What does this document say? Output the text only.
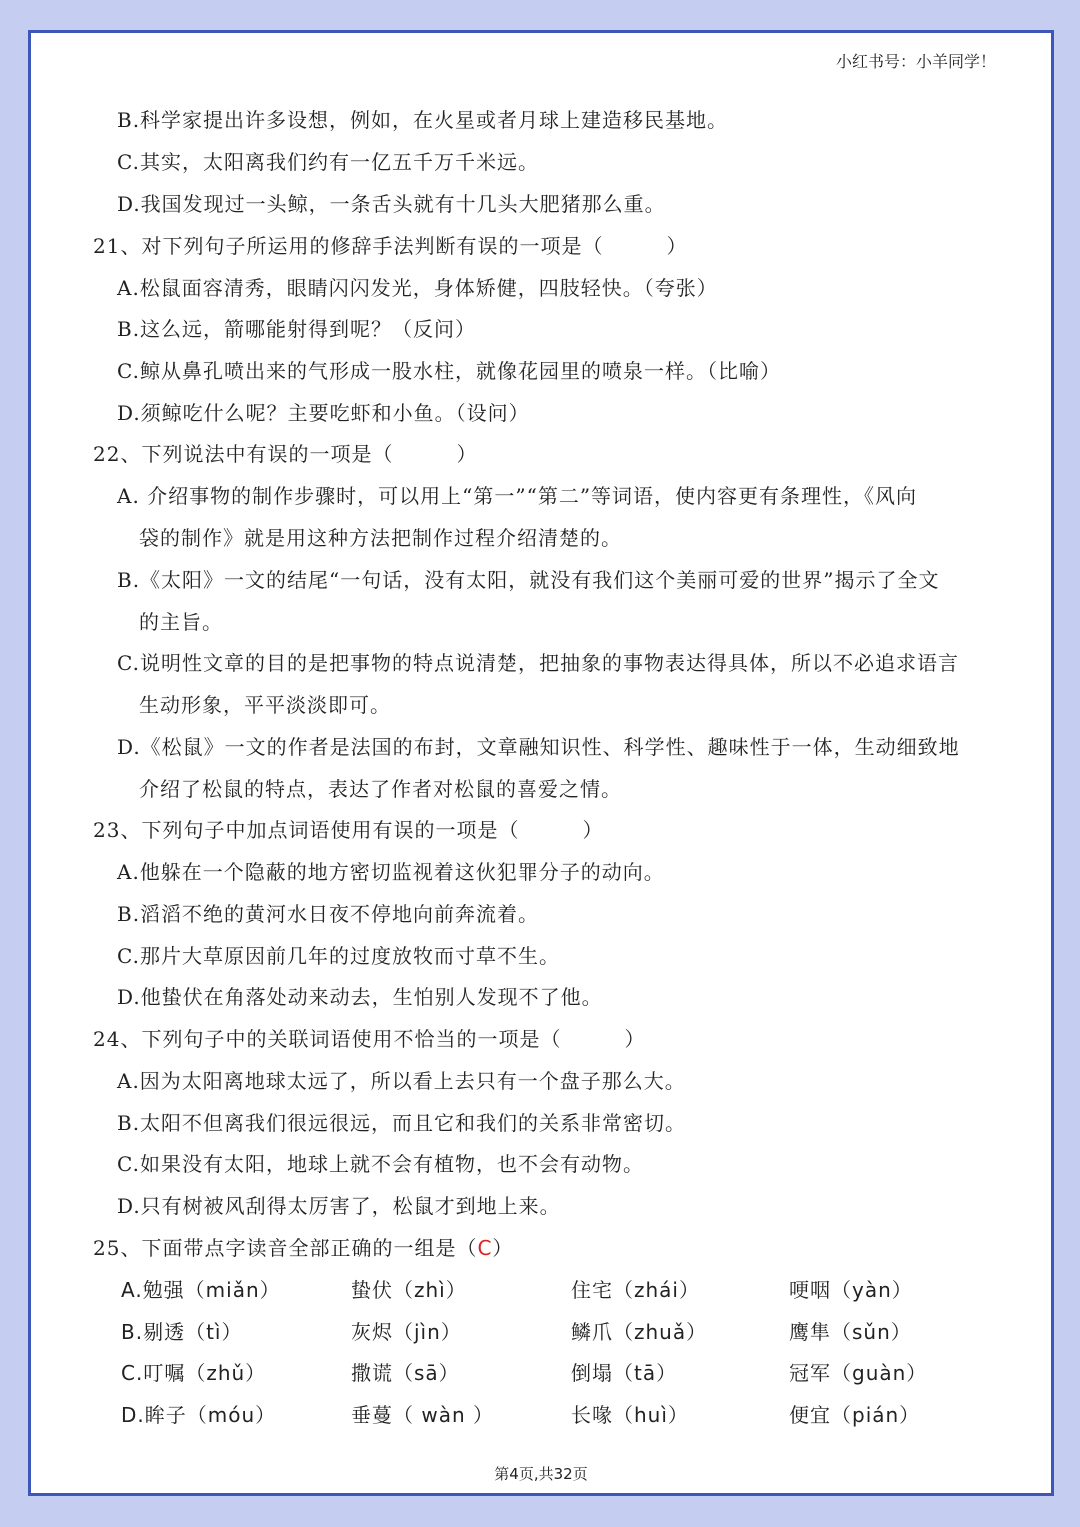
小红书号：小羊同学！
B.科学家提出许多设想，例如，在火星或者月球上建造移民基地。
C.其实，太阳离我们约有一亿五千万千米远。
D.我国发现过一头鲸，一条舌头就有十几头大肥猪那么重。
21、对下列句子所运用的修辞手法判断有误的一项是（　　　）
A.松鼠面容清秀，眼睛闪闪发光，身体矫健，四肢轻快。（夸张）
B.这么远，箭哪能射得到呢？（反问）
C.鲸从鼻孔喷出来的气形成一股水柱，就像花园里的喷泉一样。（比喻）
D.须鲸吃什么呢？主要吃虾和小鱼。（设问）
22、下列说法中有误的一项是（　　　）
A. 介绍事物的制作步骤时，可以用上“第一”“第二”等词语，使内容更有条理性，《风向
袋的制作》就是用这种方法把制作过程介绍清楚的。
B.《太阳》一文的结尾“一句话，没有太阳，就没有我们这个美丽可爱的世界”揭示了全文
的主旨。
C.说明性文章的目的是把事物的特点说清楚，把抽象的事物表达得具体，所以不必追求语言
生动形象，平平淡淡即可。
D.《松鼠》一文的作者是法国的布封，文章融知识性、科学性、趣味性于一体，生动细致地
介绍了松鼠的特点，表达了作者对松鼠的喜爱之情。
23、下列句子中加点词语使用有误的一项是（　　　）
A.他躲在一个隐蔽的地方密切监视着这伙犯罪分子的动向。
B.滔滔不绝的黄河水日夜不停地向前奔流着。
C.那片大草原因前几年的过度放牧而寸草不生。
D.他蛰伏在角落处动来动去，生怕别人发现不了他。
24、下列句子中的关联词语使用不恰当的一项是（　　　）
A.因为太阳离地球太远了，所以看上去只有一个盘子那么大。
B.太阳不但离我们很远很远，而且它和我们的关系非常密切。
C.如果没有太阳，地球上就不会有植物，也不会有动物。
D.只有树被风刮得太厉害了，松鼠才到地上来。
25、下面带点字读音全部正确的一组是（C）
A.勉强（miǎn）	蛰伏（zhì）	住宅（zhái）	哽咽（yàn）
B.剔透（tì）	灰烬（jìn）	鳞爪（zhuǎ）	鹰隼（sǔn）
C.叮嘱（zhǔ）	撒谎（sā）	倒塌（tā）	冠军（guàn）
D.眸子（móu）	垂蔓（ wàn ）	长喙（huì）	便宜（pián）
第4页,共32页
